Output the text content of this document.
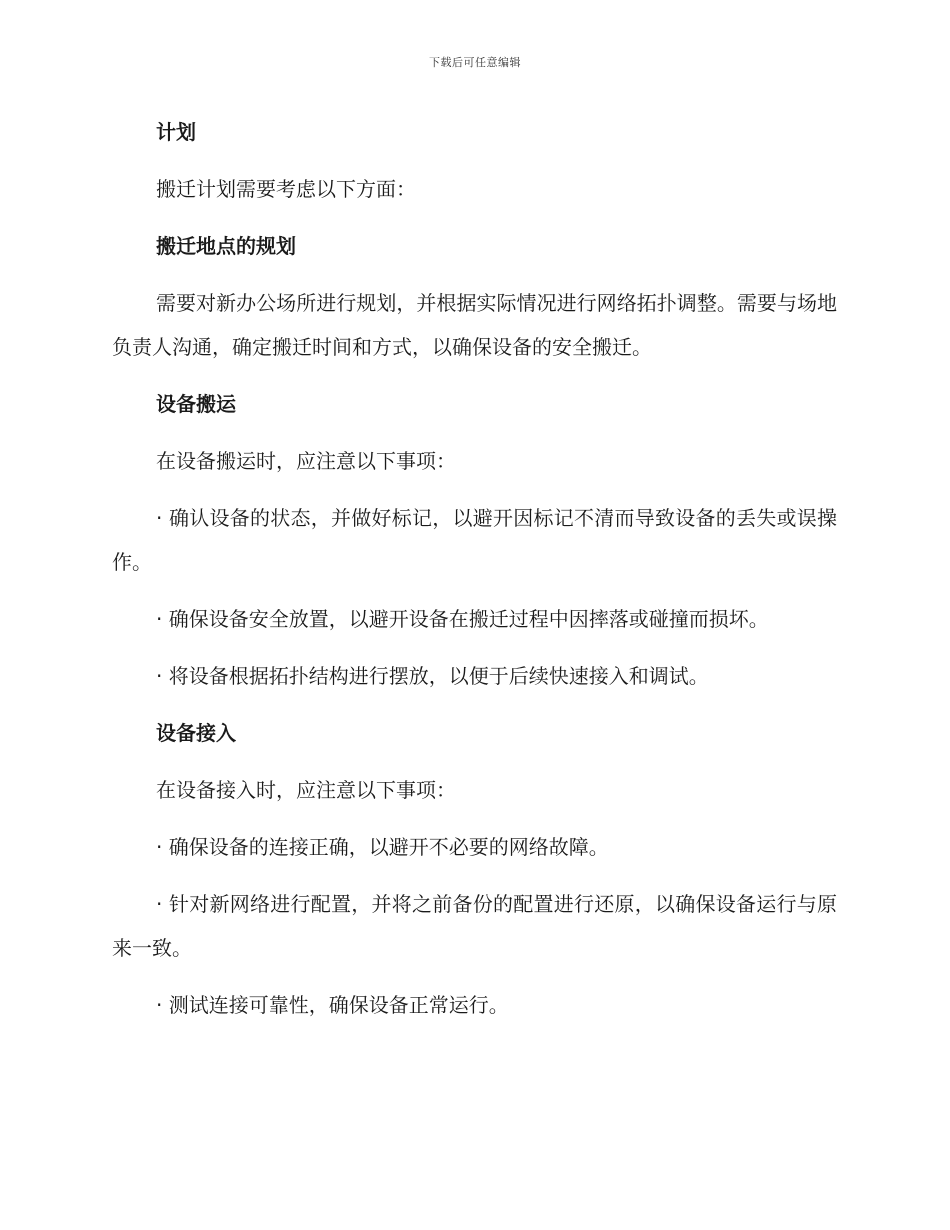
下载后可任意编辑

计划

搬迁计划需要考虑以下方面：

搬迁地点的规划

需要对新办公场所进行规划，并根据实际情况进行网络拓扑调整。需要与场地负责人沟通，确定搬迁时间和方式，以确保设备的安全搬迁。

设备搬运

在设备搬运时，应注意以下事项：

· 确认设备的状态，并做好标记，以避开因标记不清而导致设备的丢失或误操作。

· 确保设备安全放置，以避开设备在搬迁过程中因摔落或碰撞而损坏。

· 将设备根据拓扑结构进行摆放，以便于后续快速接入和调试。

设备接入

在设备接入时，应注意以下事项：

· 确保设备的连接正确，以避开不必要的网络故障。

· 针对新网络进行配置，并将之前备份的配置进行还原，以确保设备运行与原来一致。

· 测试连接可靠性，确保设备正常运行。
